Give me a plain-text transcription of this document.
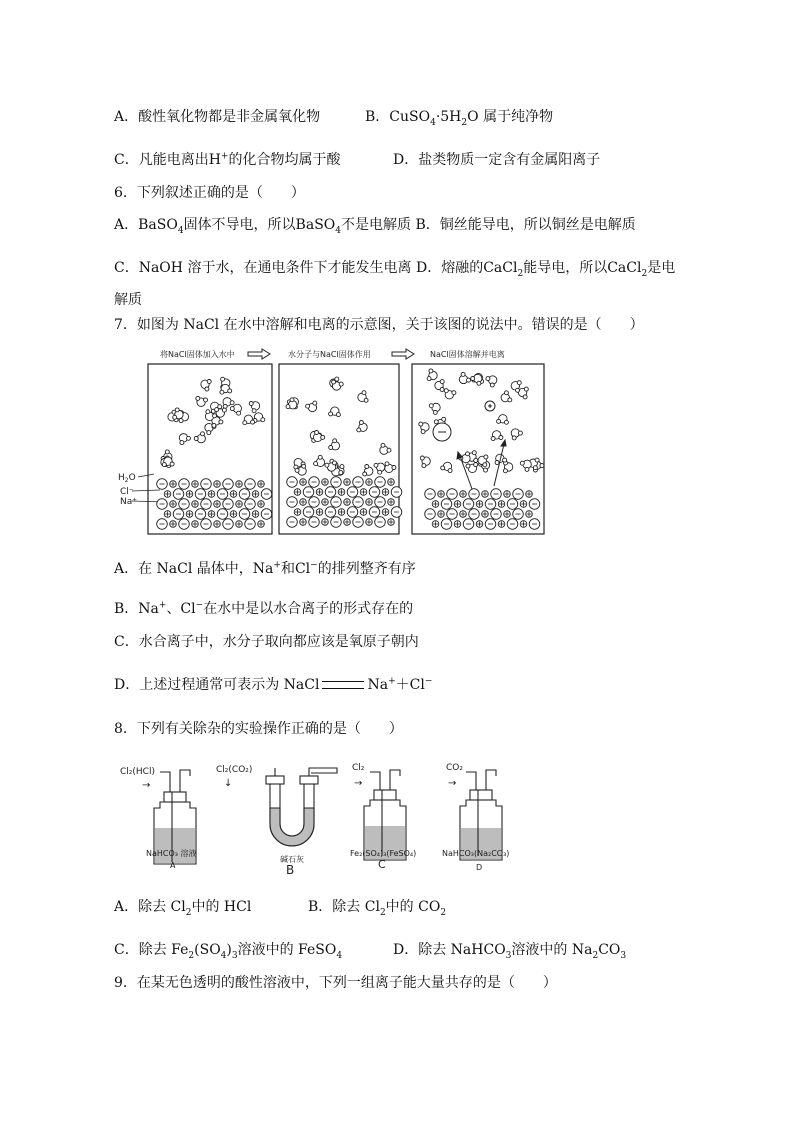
A．酸性氧化物都是非金属氧化物	B．$CuSO_4\cdot 5H_2O$ 属于纯净物
C．凡能电离出H+的化合物均属于酸	D．盐类物质一定含有金属阳离子
6．下列叙述正确的是（　　）
A．BaSO$_4$固体不导电，所以BaSO$_4$不是电解质 B．铜丝能导电，所以铜丝是电解质
C．NaOH 溶于水，在通电条件下才能发生电离 D．熔融的CaCl$_2$能导电，所以CaCl$_2$是电
解质
7．如图为 NaCl 在水中溶解和电离的示意图，关于该图的说法中。错误的是（　　）
将NaCl固体加入水中	水分子与NaCl固体作用	NaCl固体溶解并电离
$H_2O$
Cl⁻
Na⁺
A．在 NaCl 晶体中，Na+和Cl−的排列整齐有序
B．Na+、Cl−在水中是以水合离子的形式存在的
C．水合离子中，水分子取向都应该是氧原子朝内
D．上述过程通常可表示为 NaCl	Na+＋Cl−
8．下列有关除杂的实验操作正确的是（　　）
Cl₂(HCl)
→
NaHCO₃ 溶液
A
Cl₂(CO₂)
↓
碱石灰
B
Cl₂
→
Fe₂(SO₄)₃(FeSO₄)
C
CO₂
→
NaHCO₃(Na₂CO₃)
D
A．除去 $Cl_2$中的 HCl	B．除去 $Cl_2$中的 $CO_2$
C．除去 $Fe_2(SO_4)_3$溶液中的 FeSO$_4$	D．除去 NaHCO$_3$溶液中的 $Na_2CO_3$
9．在某无色透明的酸性溶液中，下列一组离子能大量共存的是（　　）
